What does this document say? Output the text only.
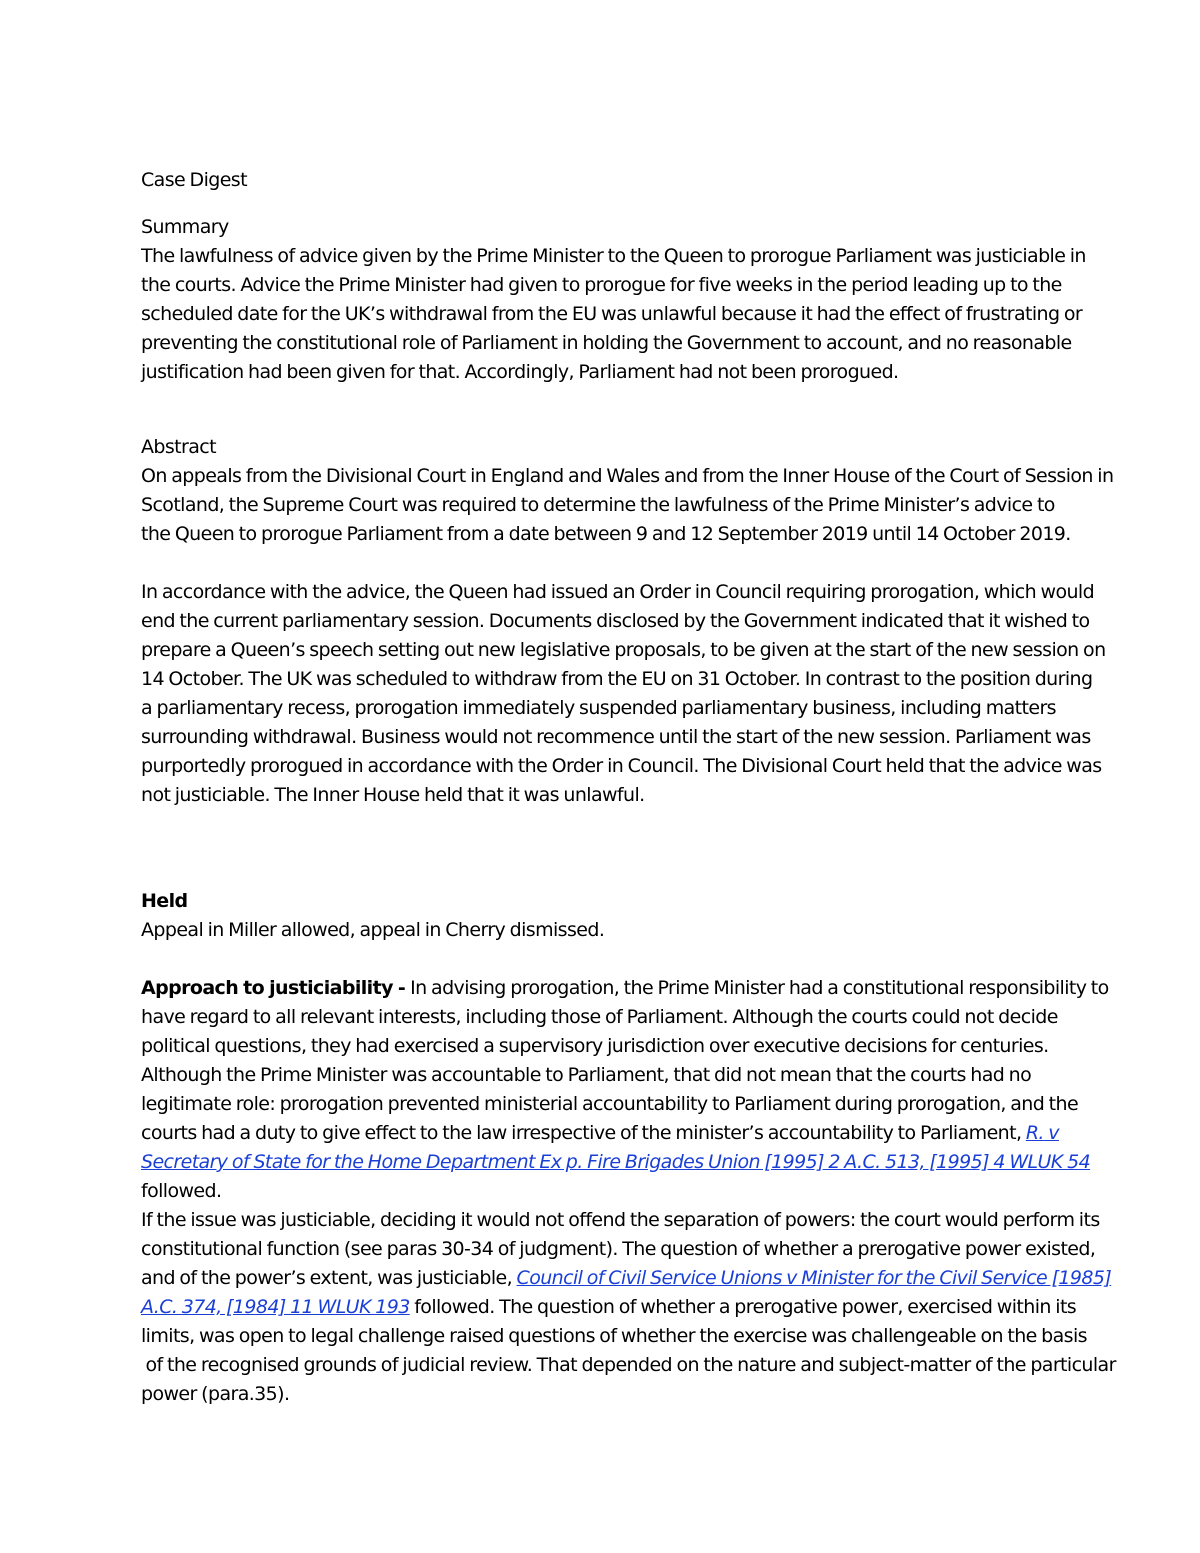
Case Digest
Summary
The lawfulness of advice given by the Prime Minister to the Queen to prorogue Parliament was justiciable in
the courts. Advice the Prime Minister had given to prorogue for five weeks in the period leading up to the
scheduled date for the UK’s withdrawal from the EU was unlawful because it had the effect of frustrating or
preventing the constitutional role of Parliament in holding the Government to account, and no reasonable
justification had been given for that. Accordingly, Parliament had not been prorogued.
Abstract
On appeals from the Divisional Court in England and Wales and from the Inner House of the Court of Session in
Scotland, the Supreme Court was required to determine the lawfulness of the Prime Minister’s advice to
the Queen to prorogue Parliament from a date between 9 and 12 September 2019 until 14 October 2019.
In accordance with the advice, the Queen had issued an Order in Council requiring prorogation, which would
end the current parliamentary session. Documents disclosed by the Government indicated that it wished to
prepare a Queen’s speech setting out new legislative proposals, to be given at the start of the new session on
14 October. The UK was scheduled to withdraw from the EU on 31 October. In contrast to the position during
a parliamentary recess, prorogation immediately suspended parliamentary business, including matters
surrounding withdrawal. Business would not recommence until the start of the new session. Parliament was
purportedly prorogued in accordance with the Order in Council. The Divisional Court held that the advice was
not justiciable. The Inner House held that it was unlawful.
Held
Appeal in Miller allowed, appeal in Cherry dismissed.
Approach to justiciability - In advising prorogation, the Prime Minister had a constitutional responsibility to
have regard to all relevant interests, including those of Parliament. Although the courts could not decide
political questions, they had exercised a supervisory jurisdiction over executive decisions for centuries.
Although the Prime Minister was accountable to Parliament, that did not mean that the courts had no
legitimate role: prorogation prevented ministerial accountability to Parliament during prorogation, and the
courts had a duty to give effect to the law irrespective of the minister’s accountability to Parliament, R. v
Secretary of State for the Home Department Ex p. Fire Brigades Union [1995] 2 A.C. 513, [1995] 4 WLUK 54
followed.
If the issue was justiciable, deciding it would not offend the separation of powers: the court would perform its
constitutional function (see paras 30-34 of judgment). The question of whether a prerogative power existed,
and of the power’s extent, was justiciable, Council of Civil Service Unions v Minister for the Civil Service [1985]
A.C. 374, [1984] 11 WLUK 193 followed. The question of whether a prerogative power, exercised within its
limits, was open to legal challenge raised questions of whether the exercise was challengeable on the basis
of the recognised grounds of judicial review. That depended on the nature and subject-matter of the particular
power (para.35).
